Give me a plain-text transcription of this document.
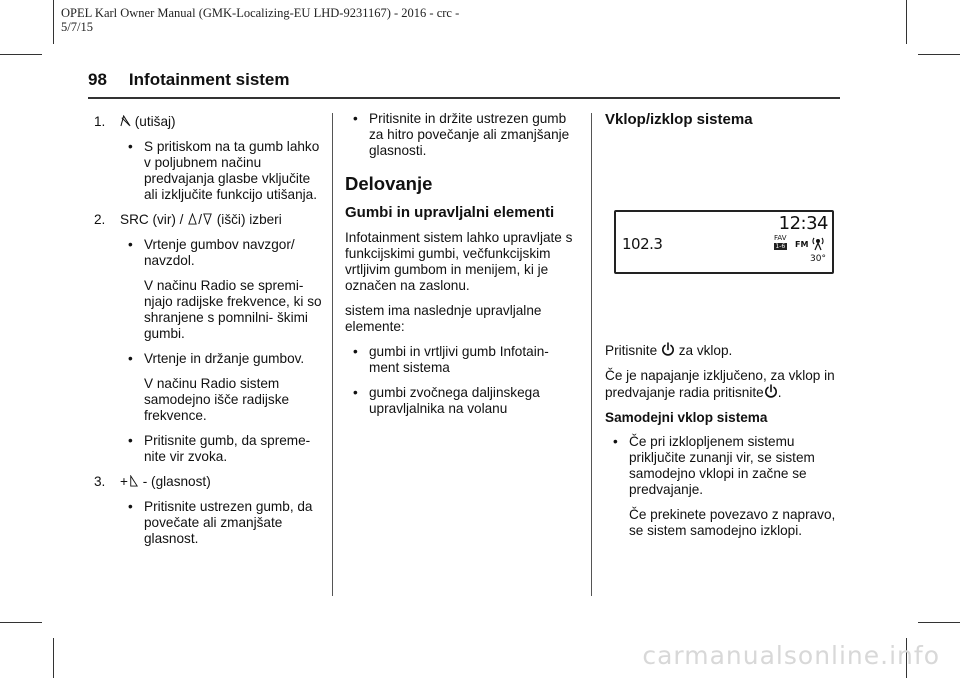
OPEL Karl Owner Manual (GMK-Localizing-EU LHD-9231167) - 2016 - crc -
5/7/15
98 Infotainment sistem
1. (utišaj)
• S pritiskom na ta gumb lahko v poljubnem načinu predvajanja glasbe vključite ali izključite funkcijo utišanja.
2. SRC (vir) / / (išči) izberi
• Vrtenje gumbov navzgor/ navzdol.
V načinu Radio se spremi- njajo radijske frekvence, ki so shranjene s pomnilni- škimi gumbi.
• Vrtenje in držanje gumbov.
V načinu Radio sistem samodejno išče radijske frekvence.
• Pritisnite gumb, da spreme- nite vir zvoka.
3. + - (glasnost)
• Pritisnite ustrezen gumb, da povečate ali zmanjšate glasnost.
• Pritisnite in držite ustrezen gumb za hitro povečanje ali zmanjšanje glasnosti.
Delovanje
Gumbi in upravljalni elementi
Infotainment sistem lahko upravljate s funkcijskimi gumbi, večfunkcijskim vrtljivim gumbom in menijem, ki je označen na zaslonu.
sistem ima naslednje upravljalne elemente:
• gumbi in vrtljivi gumb Infotain- ment sistema
• gumbi zvočnega daljinskega upravljalnika na volanu
Vklop/izklop sistema
12:34
102.3	FAV
1-6 FM
30°
Pritisnite za vklop.
Če je napajanje izključeno, za vklop in predvajanje radia pritisnite .
Samodejni vklop sistema
• Če pri izklopljenem sistemu priključite zunanji vir, se sistem samodejno vklopi in začne se predvajanje.
Če prekinete povezavo z napravo, se sistem samodejno izklopi.
carmanualsonline.info
